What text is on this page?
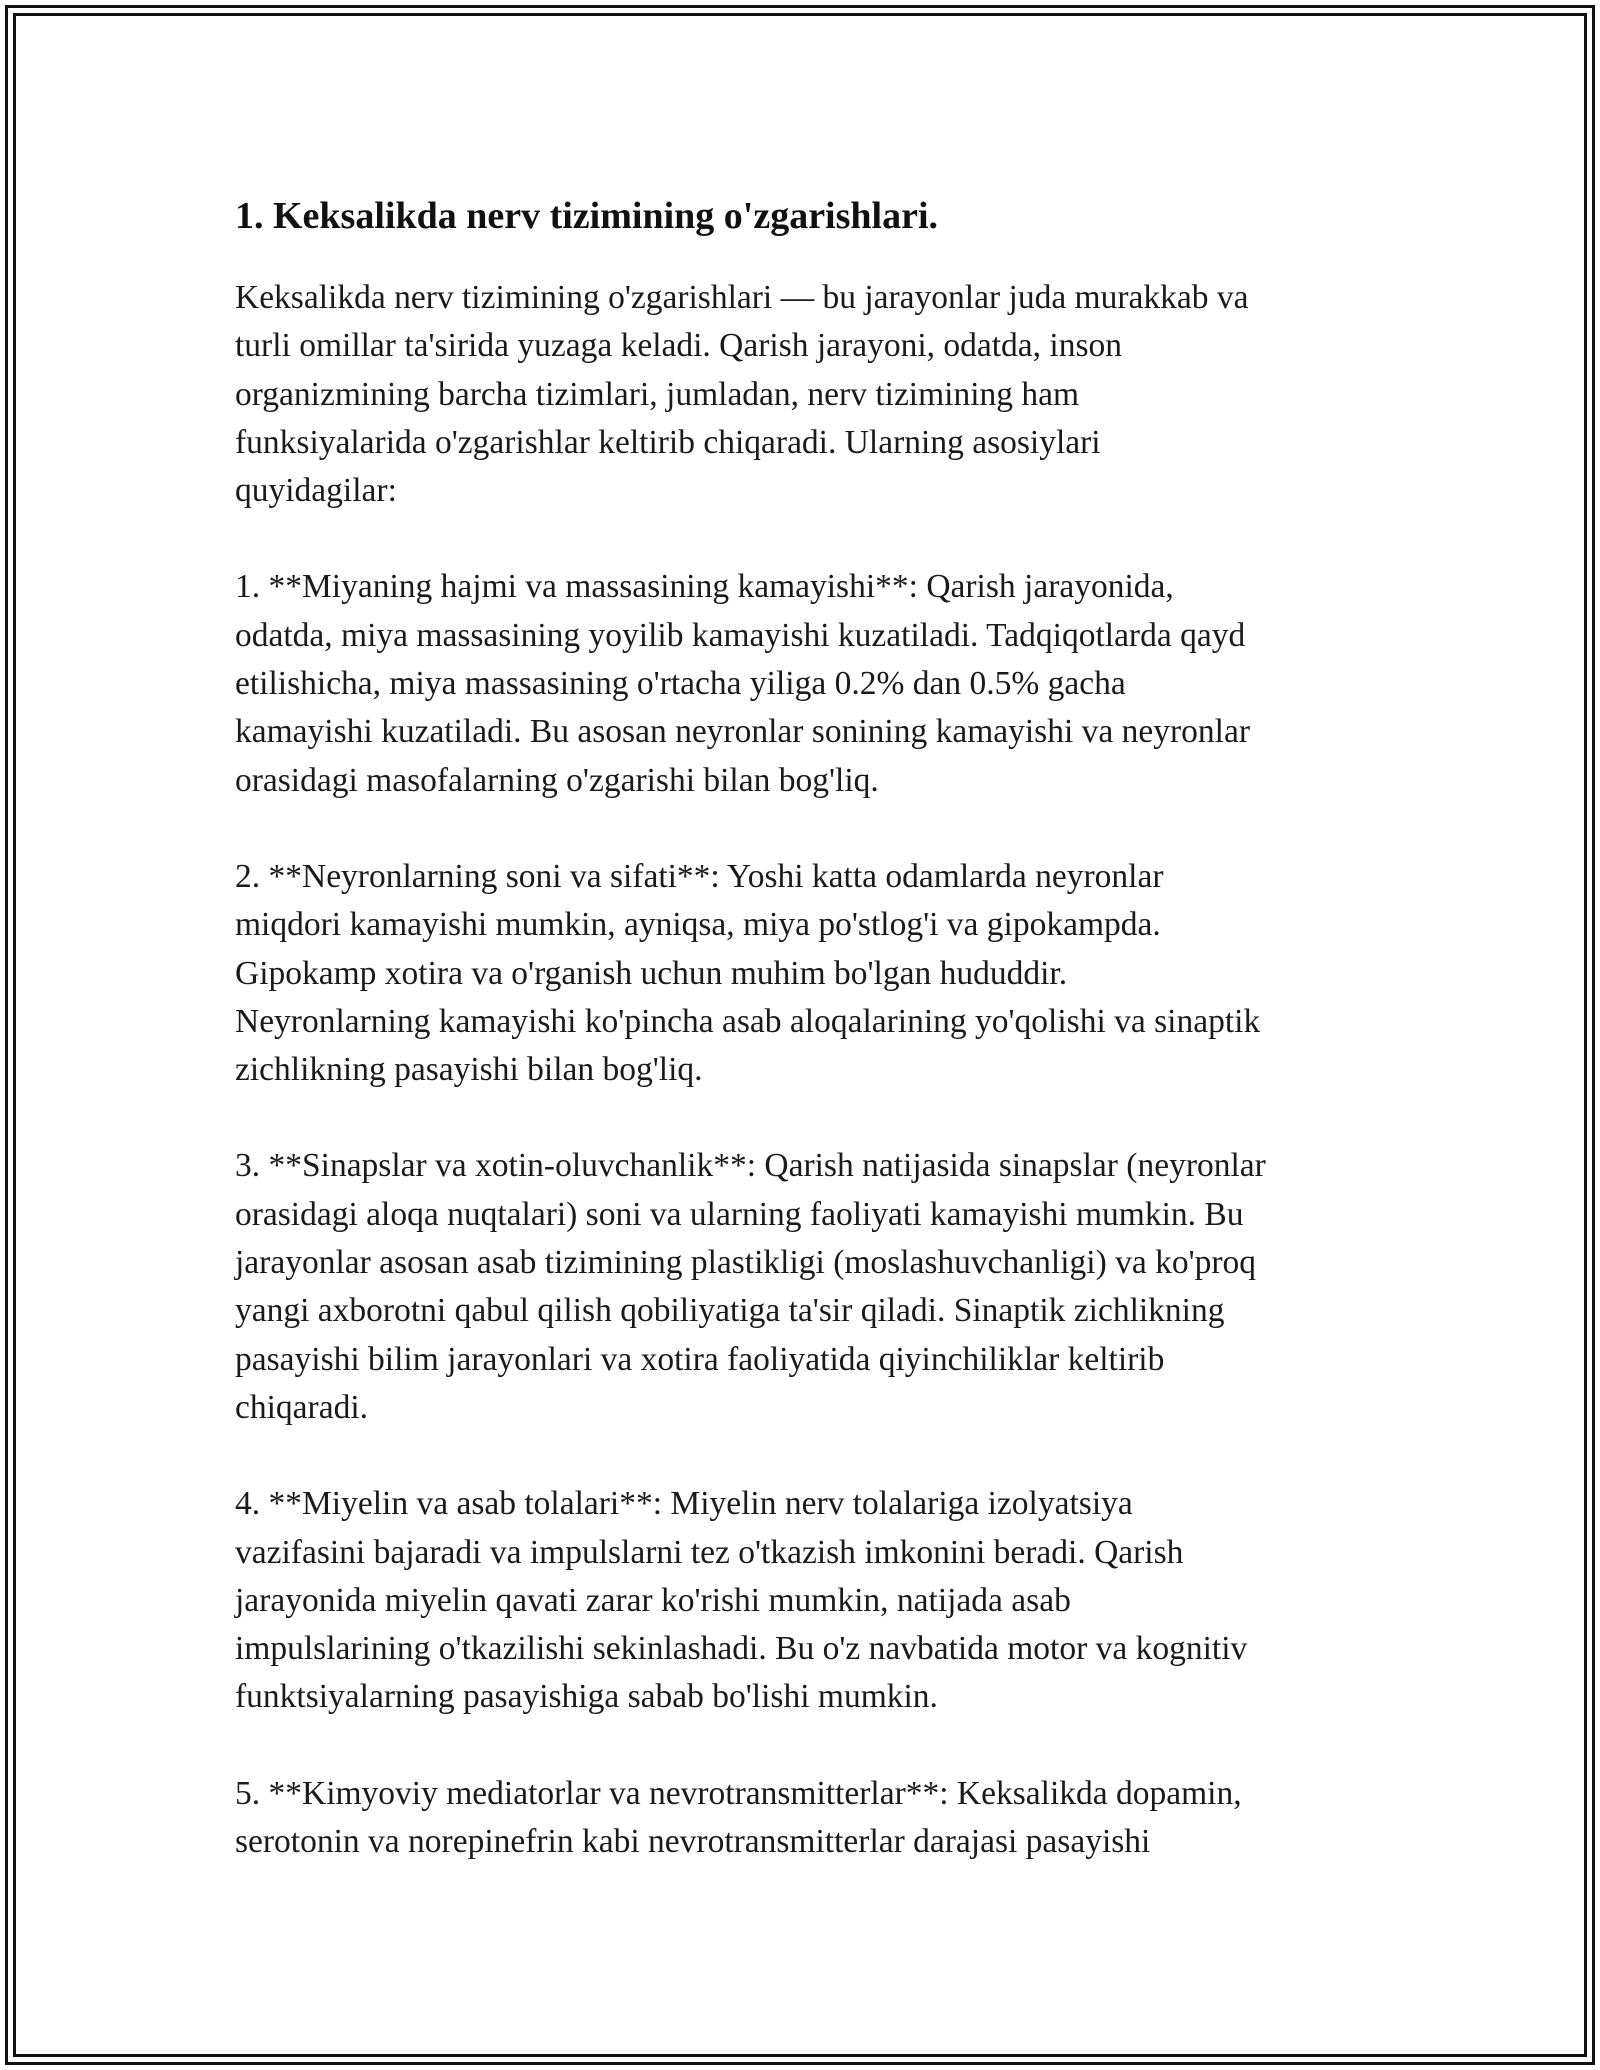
1. Keksalikda nerv tizimining o'zgarishlari.

Keksalikda nerv tizimining o'zgarishlari — bu jarayonlar juda murakkab va
turli omillar ta'sirida yuzaga keladi. Qarish jarayoni, odatda, inson
organizmining barcha tizimlari, jumladan, nerv tizimining ham
funksiyalarida o'zgarishlar keltirib chiqaradi. Ularning asosiylari
quyidagilar:

1. **Miyaning hajmi va massasining kamayishi**: Qarish jarayonida,
odatda, miya massasining yoyilib kamayishi kuzatiladi. Tadqiqotlarda qayd
etilishicha, miya massasining o'rtacha yiliga 0.2% dan 0.5% gacha
kamayishi kuzatiladi. Bu asosan neyronlar sonining kamayishi va neyronlar
orasidagi masofalarning o'zgarishi bilan bog'liq.

2. **Neyronlarning soni va sifati**: Yoshi katta odamlarda neyronlar
miqdori kamayishi mumkin, ayniqsa, miya po'stlog'i va gipokampda.
Gipokamp xotira va o'rganish uchun muhim bo'lgan hududdir.
Neyronlarning kamayishi ko'pincha asab aloqalarining yo'qolishi va sinaptik
zichlikning pasayishi bilan bog'liq.

3. **Sinapslar va xotin-oluvchanlik**: Qarish natijasida sinapslar (neyronlar
orasidagi aloqa nuqtalari) soni va ularning faoliyati kamayishi mumkin. Bu
jarayonlar asosan asab tizimining plastikligi (moslashuvchanligi) va ko'proq
yangi axborotni qabul qilish qobiliyatiga ta'sir qiladi. Sinaptik zichlikning
pasayishi bilim jarayonlari va xotira faoliyatida qiyinchiliklar keltirib
chiqaradi.

4. **Miyelin va asab tolalari**: Miyelin nerv tolalariga izolyatsiya
vazifasini bajaradi va impulslarni tez o'tkazish imkonini beradi. Qarish
jarayonida miyelin qavati zarar ko'rishi mumkin, natijada asab
impulslarining o'tkazilishi sekinlashadi. Bu o'z navbatida motor va kognitiv
funktsiyalarning pasayishiga sabab bo'lishi mumkin.

5. **Kimyoviy mediatorlar va nevrotransmitterlar**: Keksalikda dopamin,
serotonin va norepinefrin kabi nevrotransmitterlar darajasi pasayishi
